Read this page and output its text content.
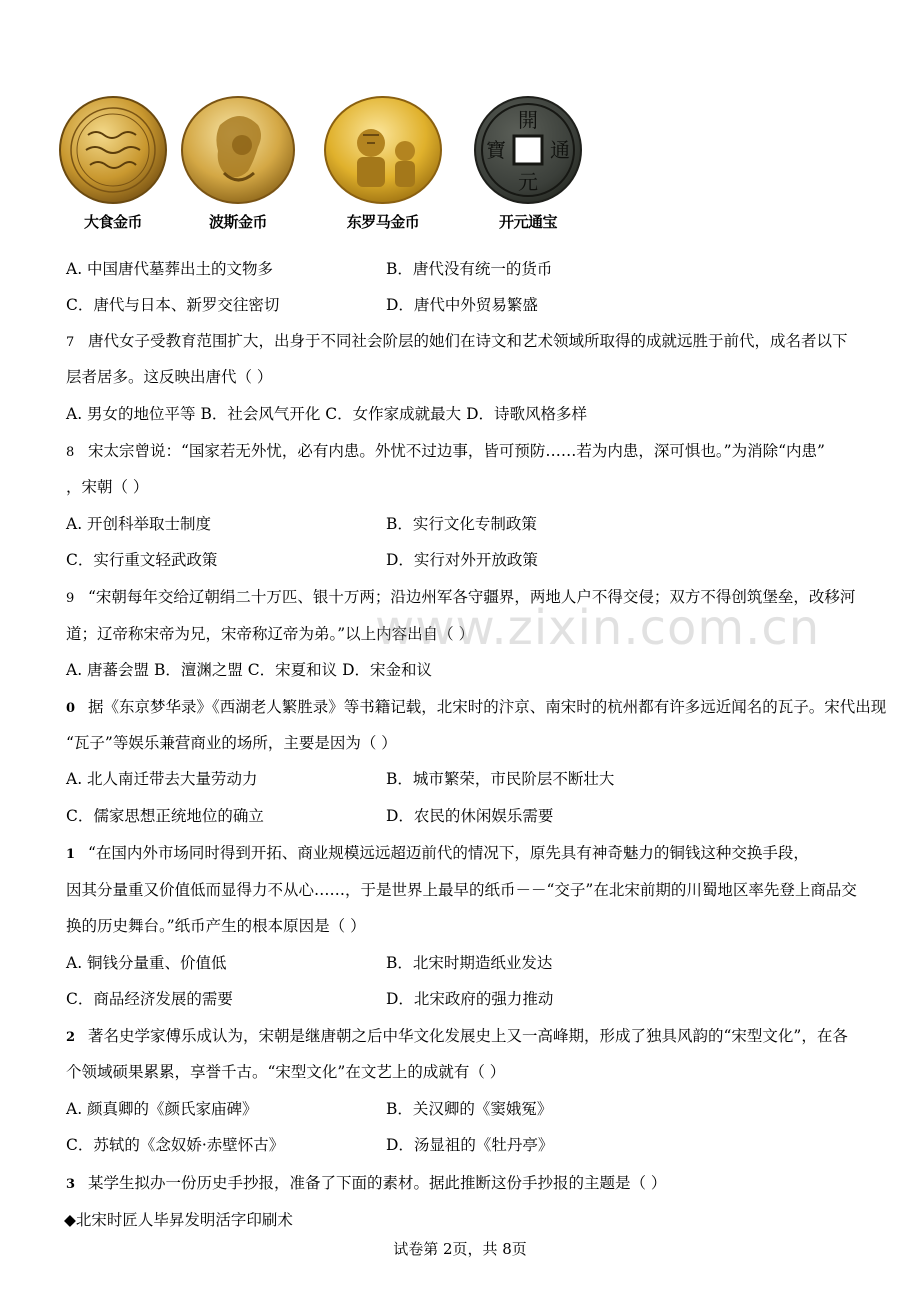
大食金币	波斯金币	东罗马金币
開
元
通
寶
开元通宝
A. 中国唐代墓葬出土的文物多	B．唐代没有统一的货币
C．唐代与日本、新罗交往密切	D．唐代中外贸易繁盛
7 唐代女子受教育范围扩大，出身于不同社会阶层的她们在诗文和艺术领域所取得的成就远胜于前代，成名者以下
层者居多。这反映出唐代（ ）
A. 男女的地位平等 B．社会风气开化 C．女作家成就最大 D．诗歌风格多样
8 宋太宗曾说：“国家若无外忧，必有内患。外忧不过边事，皆可预防……若为内患，深可惧也。”为消除“内患”
，宋朝（ ）
A. 开创科举取士制度	B．实行文化专制政策
C．实行重文轻武政策	D．实行对外开放政策
9 “宋朝每年交给辽朝绢二十万匹、银十万两；沿边州军各守疆界，两地人户不得交侵；双方不得创筑堡垒，改移河
道；辽帝称宋帝为兄，宋帝称辽帝为弟。”以上内容出自（ ）
A. 唐蕃会盟 B．澶渊之盟 C．宋夏和议 D．宋金和议
www.zixin.com.cn
0 据《东京梦华录》《西湖老人繁胜录》等书籍记载，北宋时的汴京、南宋时的杭州都有许多远近闻名的瓦子。宋代出现
“瓦子”等娱乐兼营商业的场所，主要是因为（ ）
A. 北人南迁带去大量劳动力	B．城市繁荣，市民阶层不断壮大
C．儒家思想正统地位的确立	D．农民的休闲娱乐需要
1 “在国内外市场同时得到开拓、商业规模远远超迈前代的情况下，原先具有神奇魅力的铜钱这种交换手段，
因其分量重又价值低而显得力不从心……，于是世界上最早的纸币－－“交子”在北宋前期的川蜀地区率先登上商品交
换的历史舞台。”纸币产生的根本原因是（ ）
A. 铜钱分量重、价值低	B．北宋时期造纸业发达
C．商品经济发展的需要	D．北宋政府的强力推动
2 著名史学家傅乐成认为，宋朝是继唐朝之后中华文化发展史上又一高峰期，形成了独具风韵的“宋型文化”，在各
个领域硕果累累，享誉千古。“宋型文化”在文艺上的成就有（ ）
A. 颜真卿的《颜氏家庙碑》	B．关汉卿的《窦娥冤》
C．苏轼的《念奴娇·赤壁怀古》	D．汤显祖的《牡丹亭》
3 某学生拟办一份历史手抄报，准备了下面的素材。据此推断这份手抄报的主题是（ ）
◆北宋时匠人毕昇发明活字印刷术
试卷第 2页，共 8页
